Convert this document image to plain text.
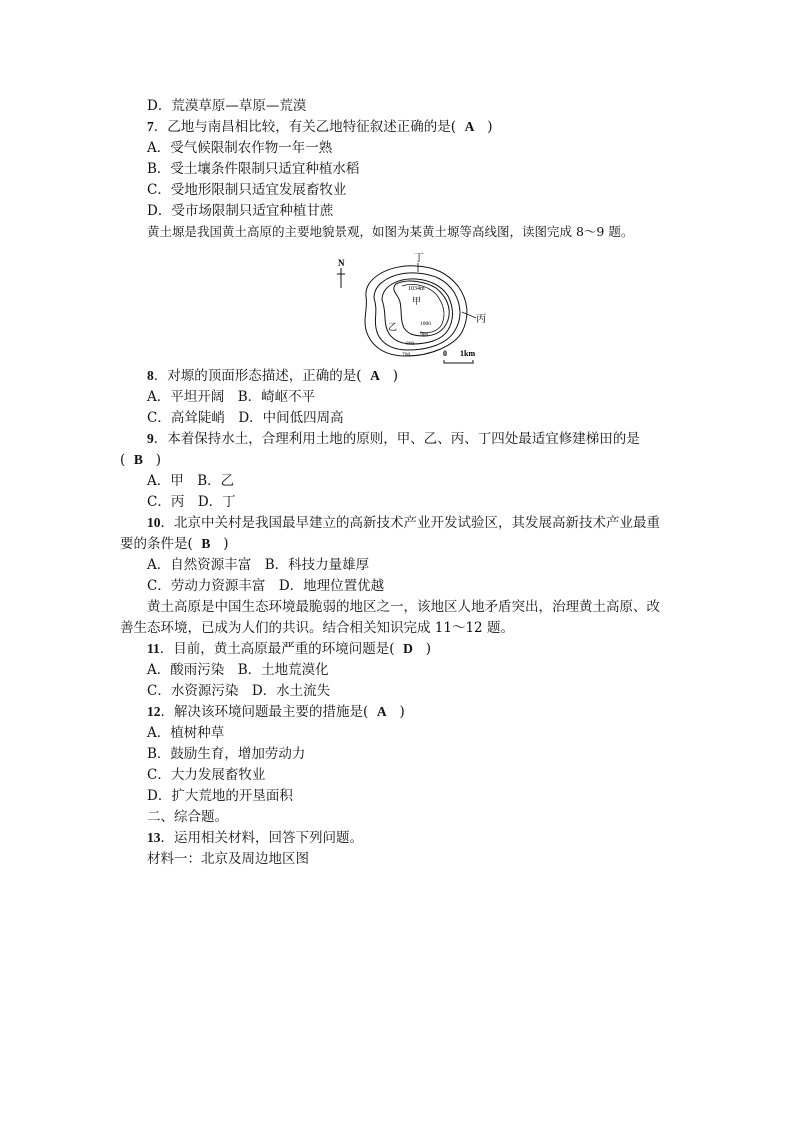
D．荒漠草原—草原—荒漠
7．乙地与南昌相比较，有关乙地特征叙述正确的是( A )
A．受气候限制农作物一年一熟
B．受土壤条件限制只适宜种植水稻
C．受地形限制只适宜发展畜牧业
D．受市场限制只适宜种植甘蔗
黄土塬是我国黄土高原的主要地貌景观，如图为某黄土塬等高线图，读图完成 8～9 题。
N	丁
1034m
甲
乙
丙
1000
900
800
700	0 1km
8．对塬的顶面形态描述，正确的是( A )
A．平坦开阔　B．崎岖不平
C．高耸陡峭　D．中间低四周高
9．本着保持水土，合理利用土地的原则，甲、乙、丙、丁四处最适宜修建梯田的是
( B )
A．甲　B．乙
C．丙　D．丁
10．北京中关村是我国最早建立的高新技术产业开发试验区，其发展高新技术产业最重
要的条件是( B )
A．自然资源丰富　B．科技力量雄厚
C．劳动力资源丰富　D．地理位置优越
黄土高原是中国生态环境最脆弱的地区之一，该地区人地矛盾突出，治理黄土高原、改
善生态环境，已成为人们的共识。结合相关知识完成 11～12 题。
11．目前，黄土高原最严重的环境问题是( D )
A．酸雨污染　B．土地荒漠化
C．水资源污染　D．水土流失
12．解决该环境问题最主要的措施是( A )
A．植树种草
B．鼓励生育，增加劳动力
C．大力发展畜牧业
D．扩大荒地的开垦面积
二、综合题。
13．运用相关材料，回答下列问题。
材料一：北京及周边地区图
